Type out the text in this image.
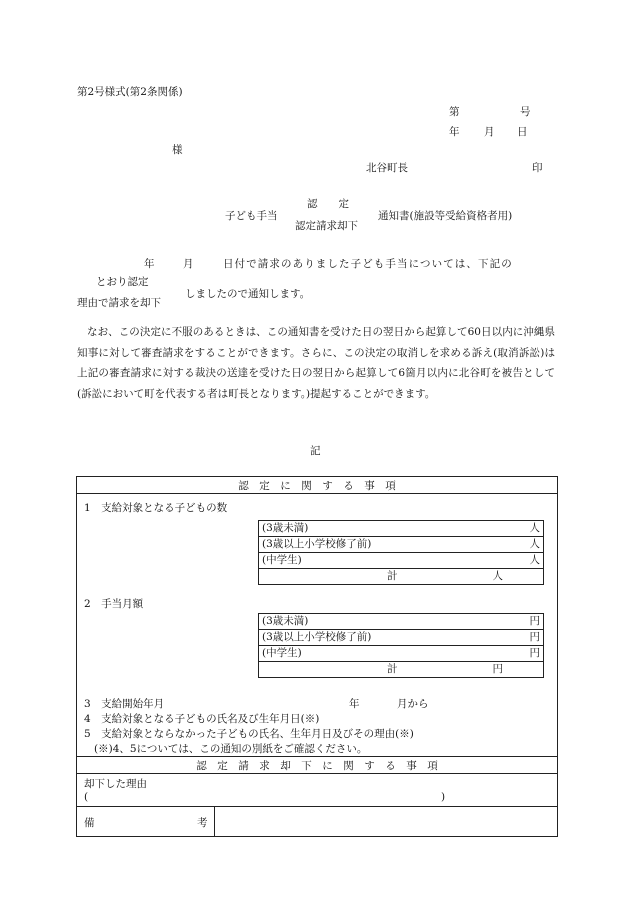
第2号様式(第2条関係)
第	号
年 月 日
様
北谷町長	印
認　　定
子ども手当
認定請求却下
通知書(施設等受給資格者用)
年	月	日付で請求のありました子ども手当については、下記の
とおり認定
理由で請求を却下
しましたので通知します。
なお、この決定に不服のあるときは、この通知書を受けた日の翌日から起算して60日以内に沖縄県知事に対して審査請求をすることができます。さらに、この決定の取消しを求める訴え(取消訴訟)は上記の審査請求に対する裁決の送達を受けた日の翌日から起算して6箇月以内に北谷町を被告として(訴訟において町を代表する者は町長となります。)提起することができます。
記
認　定　に　関　す　る　事　項
1　支給対象となる子どもの数
(3歳未満)	人

(3歳以上小学校修了前)	人

(中学生)	人

計	人
2　手当月額
(3歳未満)	円

(3歳以上小学校修了前)	円

(中学生)	円

計	円
3　支給開始年月	年	月から
4　支給対象となる子どもの氏名及び生年月日(※)
5　支給対象とならなかった子どもの氏名、生年月日及びその理由(※)
(※)4、5については、この通知の別紙をご確認ください。
認　定　請　求　却　下　に　関　す　る　事　項
却下した理由
(	)
備	考
